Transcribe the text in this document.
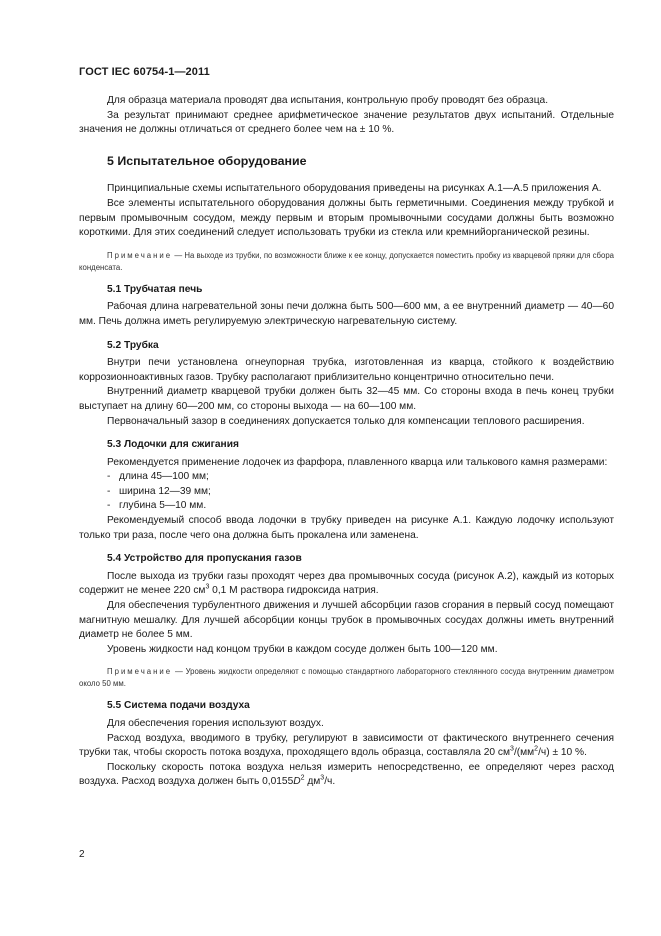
ГОСТ IEC 60754-1—2011

Для образца материала проводят два испытания, контрольную пробу проводят без образца.

За результат принимают среднее арифметическое значение результатов двух испытаний. Отдельные значения не должны отличаться от среднего более чем на ± 10 %.

5 Испытательное оборудование

Принципиальные схемы испытательного оборудования приведены на рисунках А.1—А.5 приложения А.

Все элементы испытательного оборудования должны быть герметичными. Соединения между трубкой и первым промывочным сосудом, между первым и вторым промывочными сосудами должны быть возможно короткими. Для этих соединений следует использовать трубки из стекла или кремнийорганической резины.

Примечание — На выходе из трубки, по возможности ближе к ее концу, допускается поместить пробку из кварцевой пряжи для сбора конденсата.
5.1 Трубчатая печь

Рабочая длина нагревательной зоны печи должна быть 500—600 мм, а ее внутренний диаметр — 40—60 мм. Печь должна иметь регулируемую электрическую нагревательную систему.

5.2 Трубка

Внутри печи установлена огнеупорная трубка, изготовленная из кварца, стойкого к воздействию коррозионноактивных газов. Трубку располагают приблизительно концентрично относительно печи.

Внутренний диаметр кварцевой трубки должен быть 32—45 мм. Со стороны входа в печь конец трубки выступает на длину 60—200 мм, со стороны выхода — на 60—100 мм.

Первоначальный зазор в соединениях допускается только для компенсации теплового расширения.

5.3 Лодочки для сжигания

Рекомендуется применение лодочек из фарфора, плавленного кварца или талькового камня размерами:

- длина 45—100 мм;
- ширина 12—39 мм;
- глубина 5—10 мм.

Рекомендуемый способ ввода лодочки в трубку приведен на рисунке А.1. Каждую лодочку используют только три раза, после чего она должна быть прокалена или заменена.

5.4 Устройство для пропускания газов

После выхода из трубки газы проходят через два промывочных сосуда (рисунок А.2), каждый из которых содержит не менее 220 $см^3$ 0,1 М раствора гидроксида натрия.

Для обеспечения турбулентного движения и лучшей абсорбции газов сгорания в первый сосуд помещают магнитную мешалку. Для лучшей абсорбции концы трубок в промывочных сосудах должны иметь внутренний диаметр не более 5 мм.

Уровень жидкости над концом трубки в каждом сосуде должен быть 100—120 мм.

Примечание — Уровень жидкости определяют с помощью стандартного лабораторного стеклянного сосуда внутренним диаметром около 50 мм.
5.5 Система подачи воздуха

Для обеспечения горения используют воздух.

Расход воздуха, вводимого в трубку, регулируют в зависимости от фактического внутреннего сечения трубки так, чтобы скорость потока воздуха, проходящего вдоль образца, составляла 20 $см^3/(мм^2/ч) \pm 10$ %.

Поскольку скорость потока воздуха нельзя измерить непосредственно, ее определяют через расход воздуха. Расход воздуха должен быть $0,0155D^2$ $дм^3/ч$.

2
